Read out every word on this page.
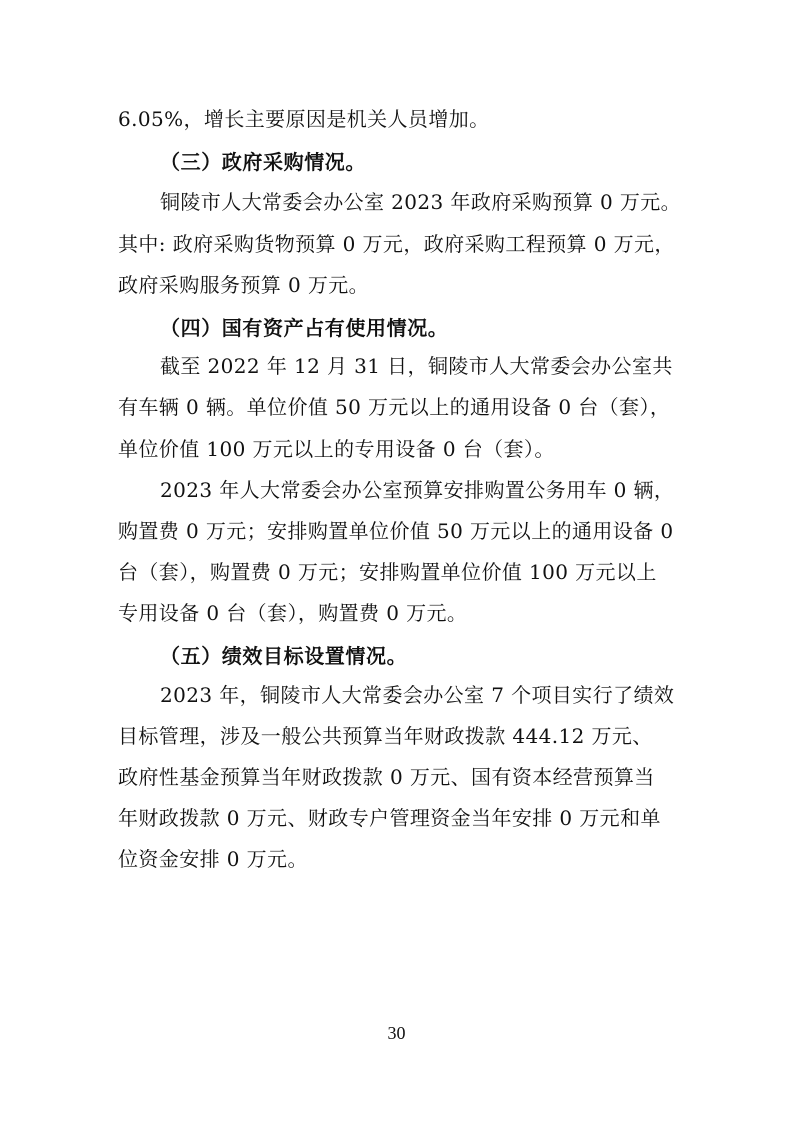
6.05%，增长主要原因是机关人员增加。
（三）政府采购情况。
铜陵市人大常委会办公室 2023 年政府采购预算 0 万元。
其中: 政府采购货物预算 0 万元，政府采购工程预算 0 万元，
政府采购服务预算 0 万元。
（四）国有资产占有使用情况。
截至 2022 年 12 月 31 日，铜陵市人大常委会办公室共
有车辆 0 辆。单位价值 50 万元以上的通用设备 0 台（套），
单位价值 100 万元以上的专用设备 0 台（套）。
2023 年人大常委会办公室预算安排购置公务用车 0 辆，
购置费 0 万元；安排购置单位价值 50 万元以上的通用设备 0
台（套），购置费 0 万元；安排购置单位价值 100 万元以上
专用设备 0 台（套），购置费 0 万元。
（五）绩效目标设置情况。
2023 年，铜陵市人大常委会办公室 7 个项目实行了绩效
目标管理，涉及一般公共预算当年财政拨款 444.12 万元、
政府性基金预算当年财政拨款 0 万元、国有资本经营预算当
年财政拨款 0 万元、财政专户管理资金当年安排 0 万元和单
位资金安排 0 万元。
30
